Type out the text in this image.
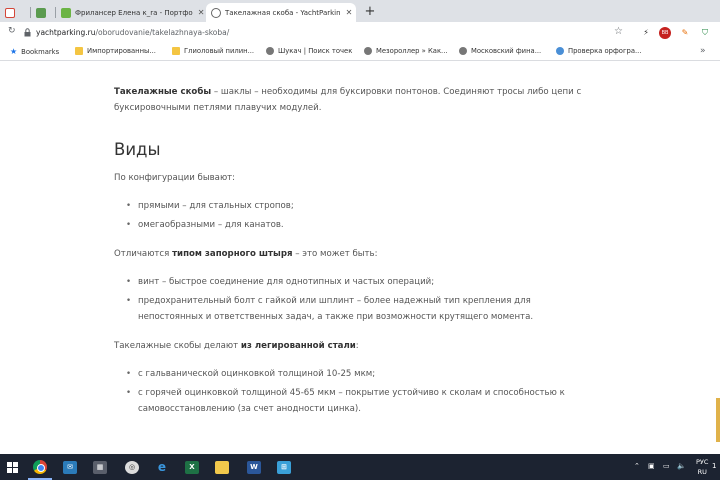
Фрилансер Елена к_ra - Портфо ✕	Такелажная скоба - YachtParkin ✕ +
↻	yachtparking.ru/oborudovanie/takelazhnaya-skoba/	☆	⚡	BB	✎	⛉
★ Bookmarks	Импортированны...	Глиоловый пилин...	Шукач | Поиск точек	Мезороллер » Как...	Московский фина...	Проверка орфогра...	»

Такелажные скобы – шаклы – необходимы для буксировки понтонов. Соединяют тросы либо цепи с буксировочными петлями плавучих модулей.

Виды

По конфигурации бывают:

• прямыми – для стальных стропов;
• омегаобразными – для канатов.

Отличаются типом запорного штыря – это может быть:

• винт – быстрое соединение для однотипных и частых операций;
• предохранительный болт с гайкой или шплинт – более надежный тип крепления для непостоянных и ответственных задач, а также при возможности крутящего момента.

Такелажные скобы делают из легированной стали:

• с гальванической оцинковкой толщиной 10-25 мкм;
• с горячей оцинковкой толщиной 45-65 мкм – покрытие устойчиво к сколам и способностью к самовосстановлению (за счет анодности цинка).
✉	▦	◎	e	X	W	⊞	⌃ ▣ ▭ 🔈 РУС
RU
1
